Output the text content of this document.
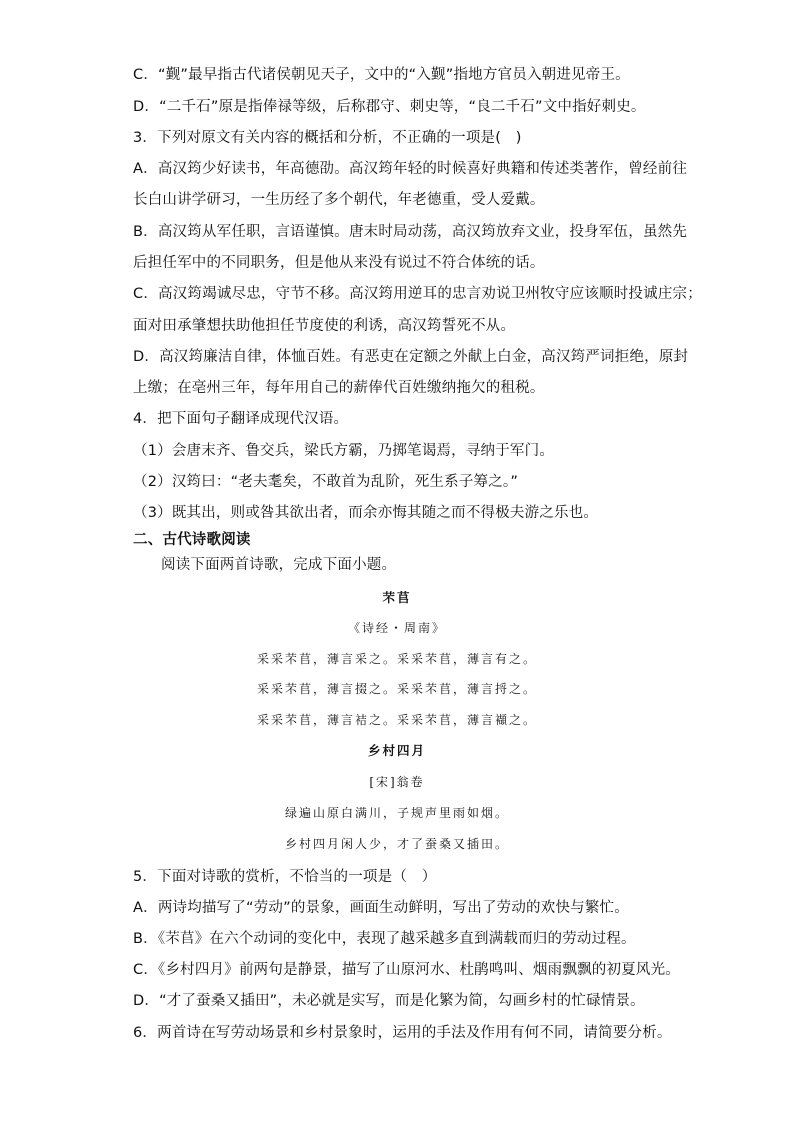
C．“觐”最早指古代诸侯朝见天子，文中的“入觐”指地方官员入朝进见帝王。
D．“二千石”原是指俸禄等级，后称郡守、刺史等，“良二千石”文中指好刺史。
3．下列对原文有关内容的概括和分析，不正确的一项是(　)
A．高汉筠少好读书，年高德劭。高汉筠年轻的时候喜好典籍和传述类著作，曾经前往
长白山讲学研习，一生历经了多个朝代，年老德重，受人爱戴。
B．高汉筠从军任职，言语谨慎。唐末时局动荡，高汉筠放弃文业，投身军伍，虽然先
后担任军中的不同职务，但是他从来没有说过不符合体统的话。
C．高汉筠竭诚尽忠，守节不移。高汉筠用逆耳的忠言劝说卫州牧守应该顺时投诚庄宗；
面对田承肇想扶助他担任节度使的利诱，高汉筠誓死不从。
D．高汉筠廉洁自律，体恤百姓。有恶吏在定额之外献上白金，高汉筠严词拒绝，原封
上缴；在亳州三年，每年用自己的薪俸代百姓缴纳拖欠的租税。
4．把下面句子翻译成现代汉语。
（1）会唐末齐、鲁交兵，梁氏方霸，乃掷笔谒焉，寻纳于军门。
（2）汉筠曰：“老夫耄矣，不敢首为乱阶，死生系子筹之。”
（3）既其出，则或咎其欲出者，而余亦悔其随之而不得极夫游之乐也。
二、古代诗歌阅读
阅读下面两首诗歌，完成下面小题。
芣苢
《诗经・周南》
采采芣苢，薄言采之。采采芣苢，薄言有之。
采采芣苢，薄言掇之。采采芣苢，薄言捋之。
采采芣苢，薄言袺之。采采芣苢，薄言襭之。
乡村四月
[宋]翁卷
绿遍山原白满川，子规声里雨如烟。
乡村四月闲人少，才了蚕桑又插田。
5．下面对诗歌的赏析，不恰当的一项是（　）
A．两诗均描写了“劳动”的景象，画面生动鲜明，写出了劳动的欢快与繁忙。
B．《芣苢》在六个动词的变化中，表现了越采越多直到满载而归的劳动过程。
C．《乡村四月》前两句是静景，描写了山原河水、杜鹃鸣叫、烟雨飘飘的初夏风光。
D．“才了蚕桑又插田”，未必就是实写，而是化繁为简，勾画乡村的忙碌情景。
6．两首诗在写劳动场景和乡村景象时，运用的手法及作用有何不同，请简要分析。
